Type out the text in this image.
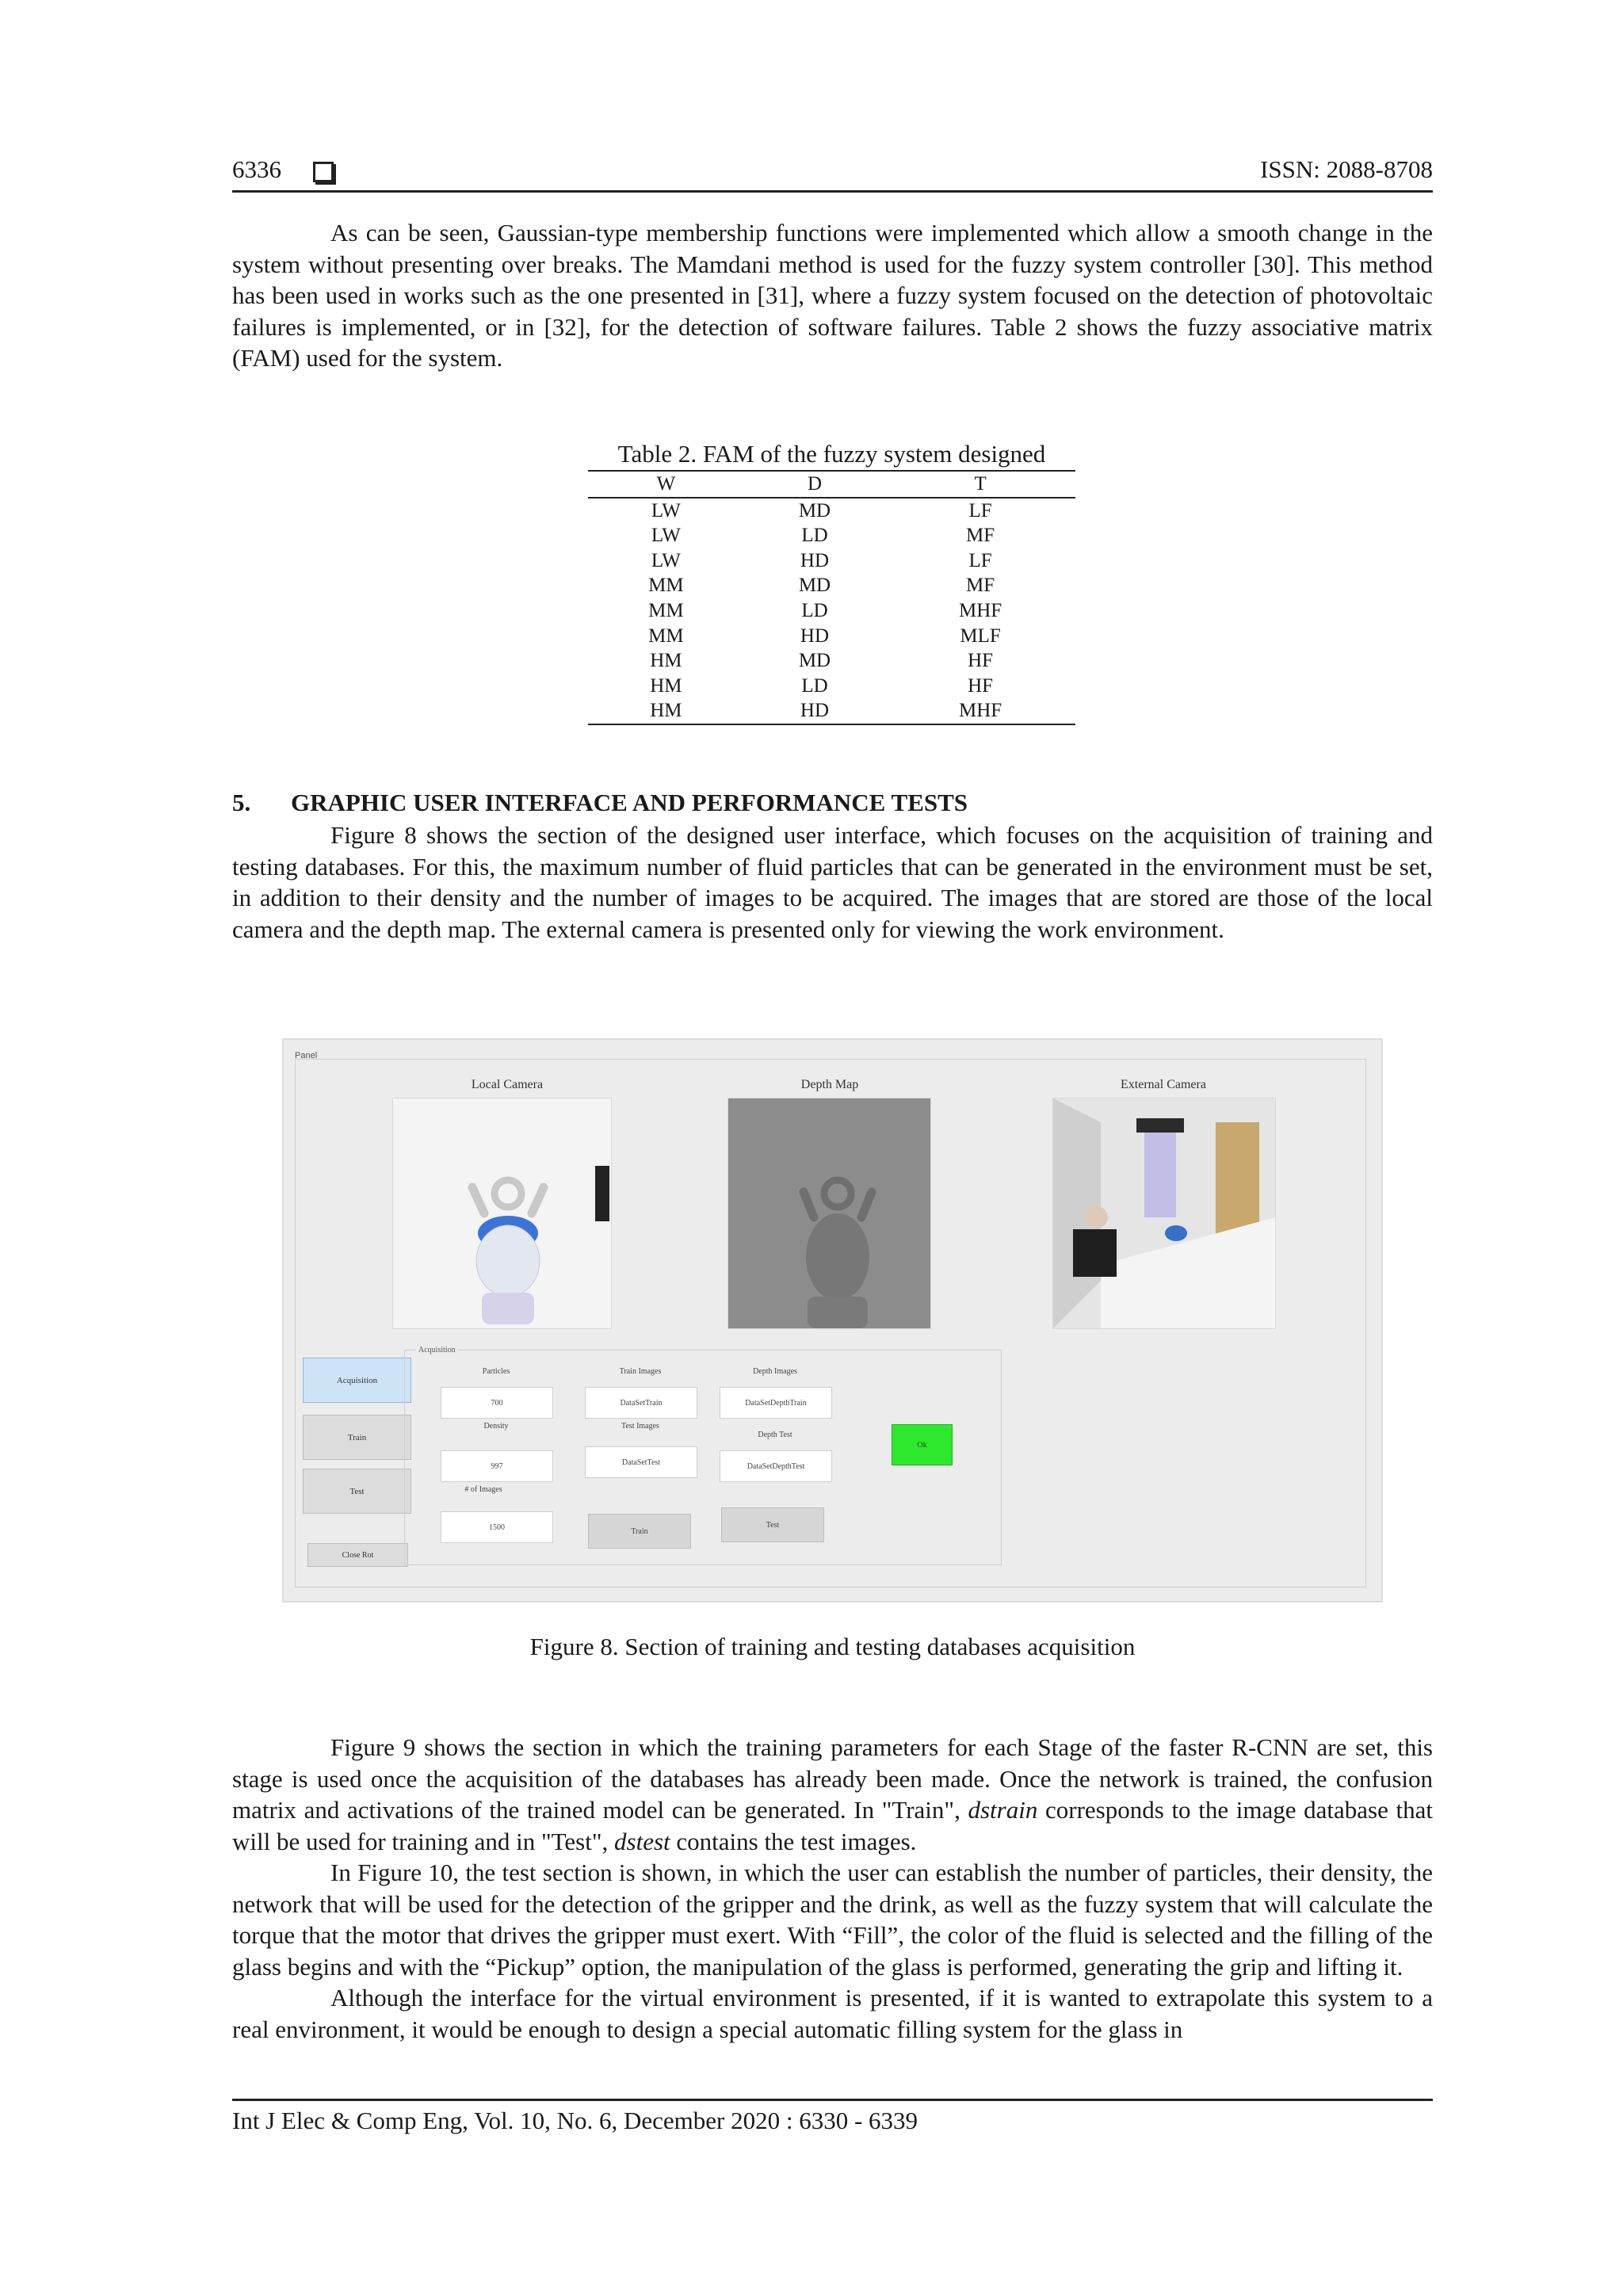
6336	ISSN: 2088-8708

As can be seen, Gaussian-type membership functions were implemented which allow a smooth change in the system without presenting over breaks. The Mamdani method is used for the fuzzy system controller [30]. This method has been used in works such as the one presented in [31], where a fuzzy system focused on the detection of photovoltaic failures is implemented, or in [32], for the detection of software failures. Table 2 shows the fuzzy associative matrix (FAM) used for the system.

Table 2. FAM of the fuzzy system designed
W	D	T
LW	MD	LF
LW	LD	MF
LW	HD	LF
MM	MD	MF
MM	LD	MHF
MM	HD	MLF
HM	MD	HF
HM	LD	HF
HM	HD	MHF
5. GRAPHIC USER INTERFACE AND PERFORMANCE TESTS

Figure 8 shows the section of the designed user interface, which focuses on the acquisition of training and testing databases. For this, the maximum number of fluid particles that can be generated in the environment must be set, in addition to their density and the number of images to be acquired. The images that are stored are those of the local camera and the depth map. The external camera is presented only for viewing the work environment.

Panel
Local Camera	Depth Map	External Camera
Acquisition
Train
Test
Close Rot
Acquisition
Particles
700
Density
997
# of Images
1500
Train Images
DataSetTrain
Test Images
DataSetTest
Train
Depth Images
DataSetDepthTrain
Depth Test
DataSetDepthTest
Test
Ok
Figure 8. Section of training and testing databases acquisition

Figure 9 shows the section in which the training parameters for each Stage of the faster R-CNN are set, this stage is used once the acquisition of the databases has already been made. Once the network is trained, the confusion matrix and activations of the trained model can be generated. In "Train", dstrain corresponds to the image database that will be used for training and in "Test", dstest contains the test images.

In Figure 10, the test section is shown, in which the user can establish the number of particles, their density, the network that will be used for the detection of the gripper and the drink, as well as the fuzzy system that will calculate the torque that the motor that drives the gripper must exert. With “Fill”, the color of the fluid is selected and the filling of the glass begins and with the “Pickup” option, the manipulation of the glass is performed, generating the grip and lifting it.

Although the interface for the virtual environment is presented, if it is wanted to extrapolate this system to a real environment, it would be enough to design a special automatic filling system for the glass in

Int J Elec & Comp Eng, Vol. 10, No. 6, December 2020 : 6330 - 6339
